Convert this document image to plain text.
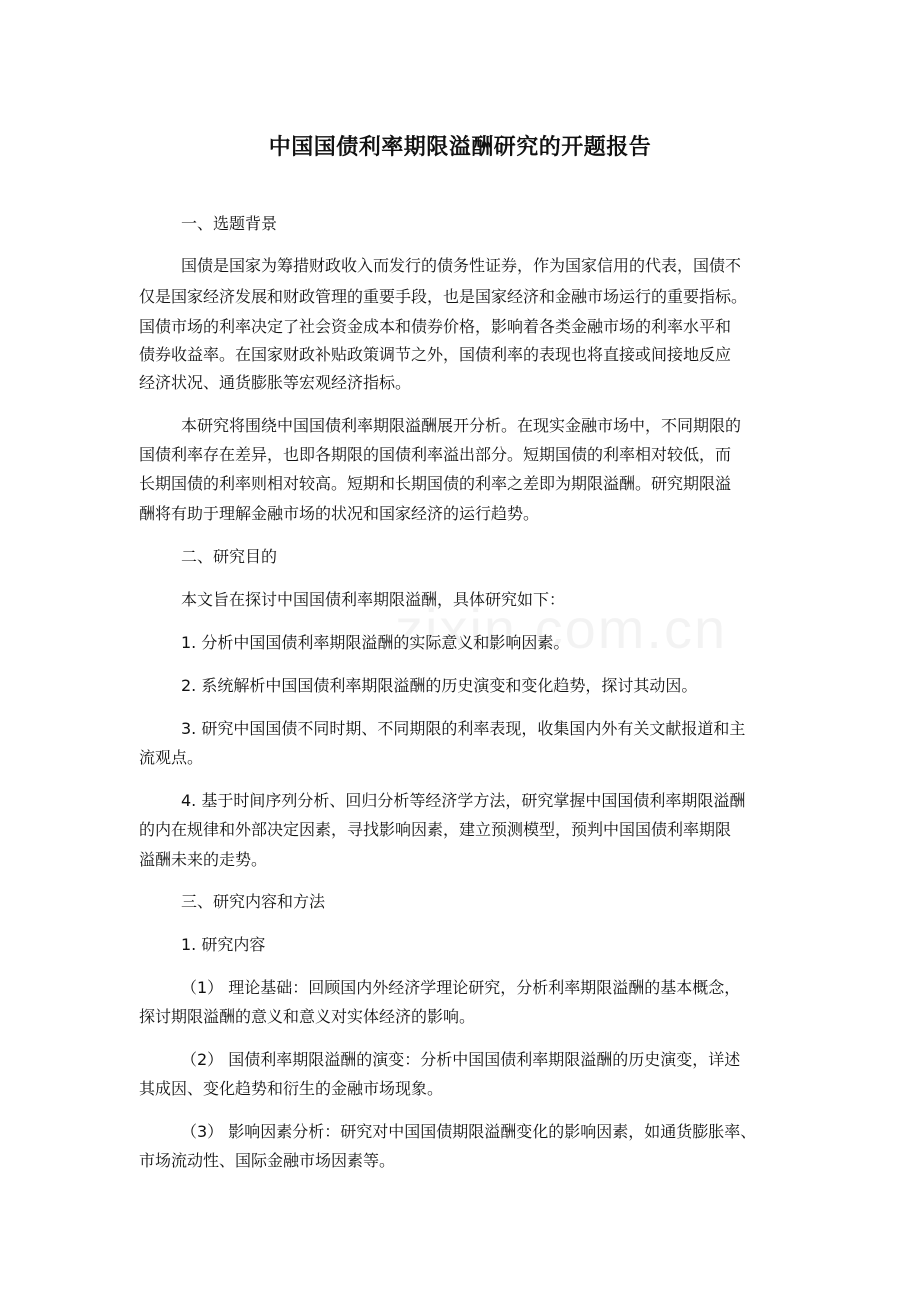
中国国债利率期限溢酬研究的开题报告
一、选题背景
国债是国家为筹措财政收入而发行的债务性证券，作为国家信用的代表，国债不
仅是国家经济发展和财政管理的重要手段，也是国家经济和金融市场运行的重要指标。
国债市场的利率决定了社会资金成本和债券价格，影响着各类金融市场的利率水平和
债券收益率。在国家财政补贴政策调节之外，国债利率的表现也将直接或间接地反应
经济状况、通货膨胀等宏观经济指标。
本研究将围绕中国国债利率期限溢酬展开分析。在现实金融市场中，不同期限的
国债利率存在差异，也即各期限的国债利率溢出部分。短期国债的利率相对较低，而
长期国债的利率则相对较高。短期和长期国债的利率之差即为期限溢酬。研究期限溢
酬将有助于理解金融市场的状况和国家经济的运行趋势。
二、研究目的
本文旨在探讨中国国债利率期限溢酬，具体研究如下：
1. 分析中国国债利率期限溢酬的实际意义和影响因素。
2. 系统解析中国国债利率期限溢酬的历史演变和变化趋势，探讨其动因。
3. 研究中国国债不同时期、不同期限的利率表现，收集国内外有关文献报道和主
流观点。
4. 基于时间序列分析、回归分析等经济学方法，研究掌握中国国债利率期限溢酬
的内在规律和外部决定因素，寻找影响因素，建立预测模型，预判中国国债利率期限
溢酬未来的走势。
三、研究内容和方法
1. 研究内容
（1） 理论基础：回顾国内外经济学理论研究，分析利率期限溢酬的基本概念，
探讨期限溢酬的意义和意义对实体经济的影响。
（2） 国债利率期限溢酬的演变：分析中国国债利率期限溢酬的历史演变，详述
其成因、变化趋势和衍生的金融市场现象。
（3） 影响因素分析：研究对中国国债期限溢酬变化的影响因素，如通货膨胀率、
市场流动性、国际金融市场因素等。
